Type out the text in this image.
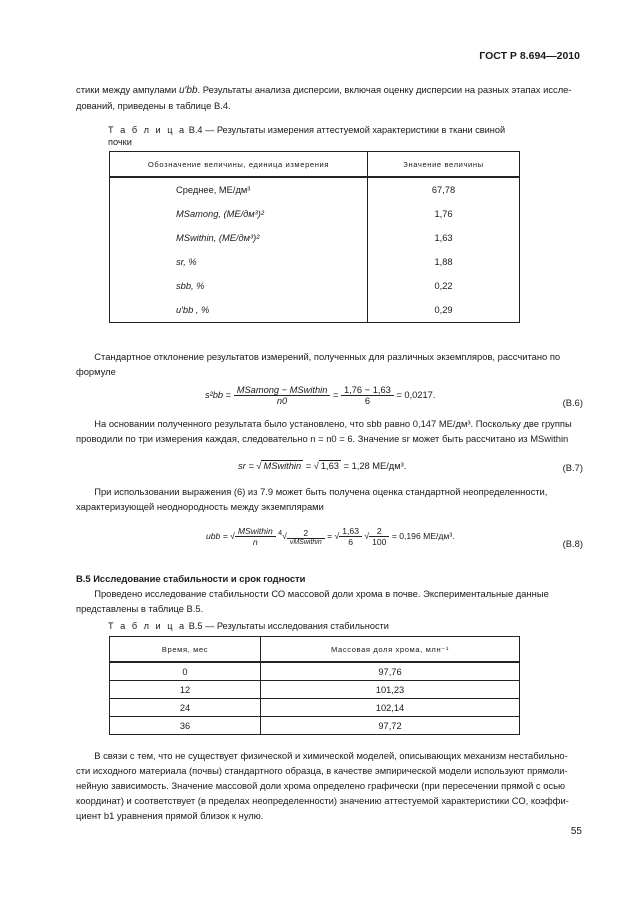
ГОСТ Р 8.694—2010
стики между ампулами u′bb. Результаты анализа дисперсии, включая оценку дисперсии на разных этапах иссле-
дований, приведены в таблице В.4.
Т а б л и ц а В.4 — Результаты измерения аттестуемой характеристики в ткани свиной почки
Обозначение величины, единица измерения	Значение величины
Среднее, МЕ/дм³	67,78
MSamong, (МЕ/дм³)²	1,76
MSwithin, (МЕ/дм³)²	1,63
sr, %	1,88
sbb, %	0,22
u′bb , %	0,29
Стандартное отклонение результатов измерений, полученных для различных экземпляров, рассчитано по
формуле
$s^2bb = \frac{\text{MSamong − MSwithin}}{n0} = \frac{1,76 - 1,63}{6} = 0,0217$.
(В.6)
На основании полученного результата было установлено, что sbb равно 0,147 МЕ/дм³. Поскольку две группы
проводили по три измерения каждая, следовательно n = n0 = 6. Значение sr может быть рассчитано из MSwithin
sr = √ MSwithin = √ 1,63 = 1,28 МЕ/дм³.	(В.7)
При использовании выражения (6) из 7.9 может быть получена оценка стандартной неопределенности,
характеризующей неоднородность между экземплярами
ubb = √ $\frac{\text{MSwithin}}{n} ^4√ \frac{2}{\text{νMSwithin}}$ = √ $\frac{1,63}{6}$ √ $\frac{2}{100} = 0,196$ МЕ/дм³.
(В.8)
В.5 Исследование стабильности и срок годности
Проведено исследование стабильности СО массовой доли хрома в почве. Экспериментальные данные
представлены в таблице В.5.
Т а б л и ц а В.5 — Результаты исследования стабильности
Время, мес	Массовая доля хрома, млн⁻¹
0	97,76
12	101,23
24	102,14
36	97,72
В связи с тем, что не существует физической и химической моделей, описывающих механизм нестабильно-
сти исходного материала (почвы) стандартного образца, в качестве эмпирической модели используют прямоли-
нейную зависимость. Значение массовой доли хрома определено графически (при пересечении прямой с осью
координат) и соответствует (в пределах неопределенности) значению аттестуемой характеристики СО, коэффи-
циент b1 уравнения прямой близок к нулю.
55
